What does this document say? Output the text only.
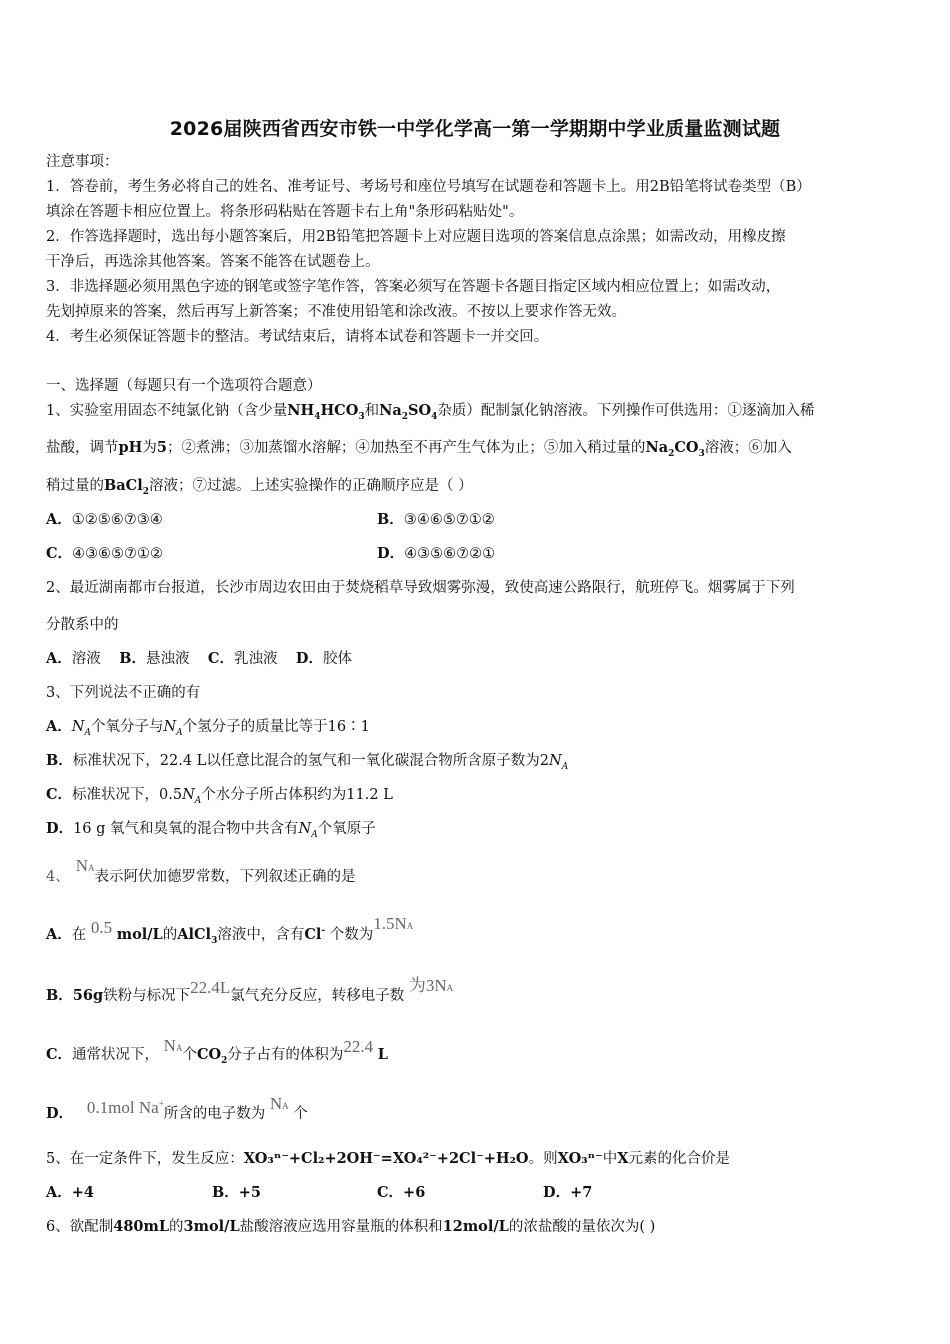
2026届陕西省西安市铁一中学化学高一第一学期期中学业质量监测试题
注意事项：
1．答卷前，考生务必将自己的姓名、准考证号、考场号和座位号填写在试题卷和答题卡上。用2B铅笔将试卷类型（B）
填涂在答题卡相应位置上。将条形码粘贴在答题卡右上角"条形码粘贴处"。
2．作答选择题时，选出每小题答案后，用2B铅笔把答题卡上对应题目选项的答案信息点涂黑；如需改动，用橡皮擦
干净后，再选涂其他答案。答案不能答在试题卷上。
3．非选择题必须用黑色字迹的钢笔或签字笔作答，答案必须写在答题卡各题目指定区域内相应位置上；如需改动，
先划掉原来的答案，然后再写上新答案；不准使用铅笔和涂改液。不按以上要求作答无效。
4．考生必须保证答题卡的整洁。考试结束后，请将本试卷和答题卡一并交回。
一、选择题（每题只有一个选项符合题意）
1、实验室用固态不纯氯化钠（含少量$NH_4HCO_3$和$Na_2SO_4$杂质）配制氯化钠溶液。下列操作可供选用：①逐滴加入稀
盐酸，调节pH为5；②煮沸；③加蒸馏水溶解；④加热至不再产生气体为止；⑤加入稍过量的$Na_2CO_3$溶液；⑥加入
稍过量的BaCl$_2$溶液；⑦过滤。上述实验操作的正确顺序应是（ ）
A．①②⑤⑥⑦③④	B．③④⑥⑤⑦①②
C．④③⑥⑤⑦①②	D．④③⑤⑥⑦②①
2、最近湖南都市台报道，长沙市周边农田由于焚烧稻草导致烟雾弥漫，致使高速公路限行，航班停飞。烟雾属于下列
分散系中的
A．溶液 B．悬浊液 C．乳浊液 D．胶体
3、下列说法不正确的有
A．$N_A$个氧分子与$N_A$个氢分子的质量比等于16∶1
B．标准状况下，22.4 L以任意比混合的氢气和一氧化碳混合物所含原子数为$2N_A$
C．标准状况下，$0.5N_A$个水分子所占体积约为11.2 L
D．16 g 氧气和臭氧的混合物中共含有$N_A$个氧原子
4、NA表示阿伏加德罗常数，下列叙述正确的是
A．在 0.5 mol/L的AlCl$_3$溶液中，含有Cl- 个数为1.5NA
B．56g铁粉与标况下22.4L氯气充分反应，转移电子数 为3NA
C．通常状况下， NA个$CO_2$分子占有的体积为22.4 L
D． 0.1mol Na+所含的电子数为 NA 个
5、在一定条件下，发生反应：XO₃ⁿ⁻+Cl₂+2OH⁻=XO₄²⁻+2Cl⁻+H₂O。则XO₃ⁿ⁻中X元素的化合价是
A．+4	B．+5	C．+6	D．+7
6、欲配制480mL的3mol/L盐酸溶液应选用容量瓶的体积和12mol/L的浓盐酸的量依次为( )
